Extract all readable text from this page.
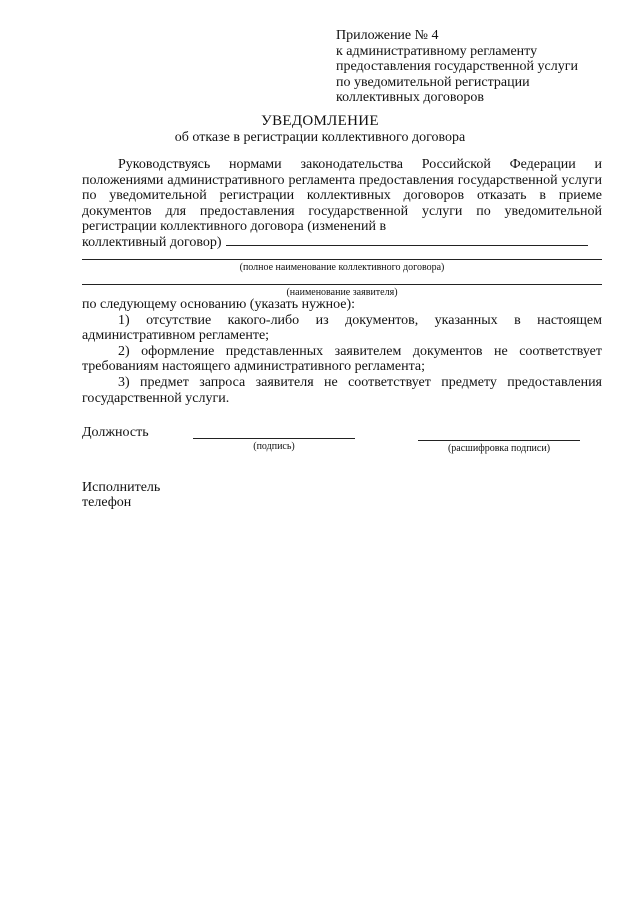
Приложение № 4
к административному регламенту
предоставления государственной услуги
по уведомительной регистрации
коллективных договоров
УВЕДОМЛЕНИЕ
об отказе в регистрации коллективного договора

Руководствуясь нормами законодательства Российской Федерации и положениями административного регламента предоставления государственной услуги по уведомительной регистрации коллективных договоров отказать в приеме документов для предоставления государственной услуги по уведомительной регистрации коллективного договора (изменений в

коллективный договор)

(полное наименование коллективного договора)
(наименование заявителя)

по следующему основанию (указать нужное):

1) отсутствие какого-либо из документов, указанных в настоящем административном регламенте;

2) оформление представленных заявителем документов не соответствует требованиям настоящего административного регламента;

3) предмет запроса заявителя не соответствует предмету предоставления государственной услуги.

Должность
(подпись)	(расшифровка подписи)
Исполнитель
телефон
